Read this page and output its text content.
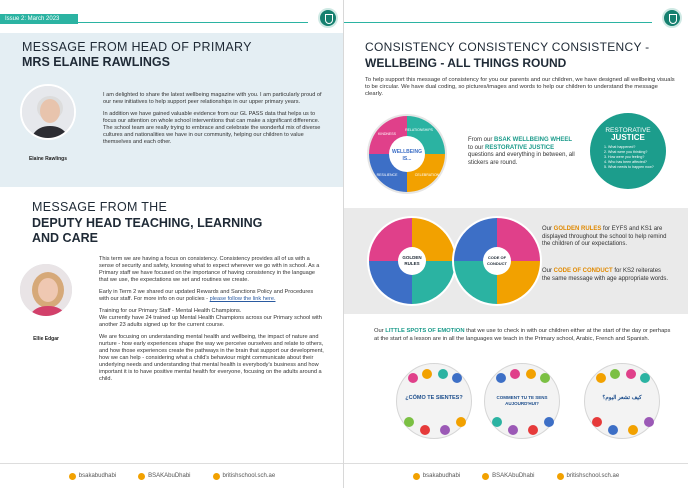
Issue 2: March 2023
MESSAGE FROM HEAD OF PRIMARY
MRS ELAINE RAWLINGS
Elaine Rawlings

I am delighted to share the latest wellbeing magazine with you. I am particularly proud of our new initiatives to help support peer relationships in our upper primary years.

In addition we have gained valuable evidence from our GL PASS data that helps us to focus our attention on whole school interventions that can make a significant difference. The school team are really trying to embrace and celebrate the wonderful mix of diverse cultures and nationalities we have in our community, helping our children to value themselves and each other.

MESSAGE FROM THE
DEPUTY HEAD TEACHING, LEARNING
AND CARE
Ellie Edgar

This term we are having a focus on consistency. Consistency provides all of us with a sense of security and safety, knowing what to expect wherever we go with in school. As a Primary staff we have focused on the importance of having consistency in the language that we use, the expectations we set and routines we create.

Early in Term 2 we shared our updated Rewards and Sanctions Policy and Procedures with our staff. For more info on our policies - please follow the link here.

Training for our Primary Staff - Mental Health Champions.
We currently have 24 trained up Mental Health Champions across our Primary school with another 23 adults signed up for the current course.

We are focusing on understanding mental health and wellbeing, the impact of nature and nurture - how early experiences shape the way we perceive ourselves and relate to others, and how those experiences create the pathways in the brain that support our development, how we can help - considering what a child's behaviour might communicate about their underlying needs and understanding that mental health is everybody's business and how important it is to have positive mental health for everyone, focusing on the adults around a child.

bsakabudhabi	BSAKAbuDhabi	britishschool.sch.ae
CONSISTENCY CONSISTENCY CONSISTENCY -
WELLBEING - ALL THINGS ROUND
To help support this message of consistency for you our parents and our children, we have designed all wellbeing visuals to be circular. We have dual coding, so pictures/images and words to help our children to understand the message clearly.
WELLBEING
IS...
RELATIONSHIPS
CELEBRATION
RESILIENCE
KINDNESS
From our BSAK WELLBEING WHEEL to our RESTORATIVE JUSTICE questions and everything in between, all stickers are round.
RESTORATIVE
JUSTICE
1. What happened?
2. What were you thinking?
3. How were you feeling?
4. Who has been affected?
5. What needs to happen now?
GOLDEN
RULES
CODE OF
CONDUCT
Our GOLDEN RULES for EYFS and KS1 are displayed throughout the school to help remind the children of our expectations.
Our CODE OF CONDUCT for KS2 reiterates the same message with age appropriate words.
Our LITTLE SPOTS OF EMOTION that we use to check in with our children either at the start of the day or perhaps at the start of a lesson are in all the languages we teach in the Primary school, Arabic, French and Spanish.
¿CÓMO TE SIENTES?	COMMENT TU TE SENS AUJOURD'HUI?
كيف تشعر اليوم؟
bsakabudhabi	BSAKAbuDhabi	britishschool.sch.ae
